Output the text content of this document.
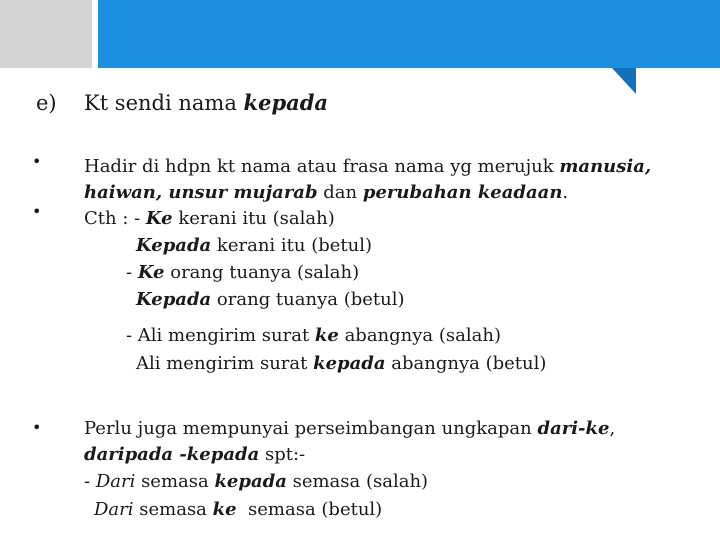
e) Kt sendi nama kepada
• Hadir di hdpn kt nama atau frasa nama yg merujuk manusia,
haiwan, unsur mujarab dan perubahan keadaan.
• Cth : - Ke kerani itu (salah)
Kepada kerani itu (betul)
- Ke orang tuanya (salah)
Kepada orang tuanya (betul)
- Ali mengirim surat ke abangnya (salah)
Ali mengirim surat kepada abangnya (betul)
• Perlu juga mempunyai perseimbangan ungkapan dari-ke,
daripada -kepada spt:-
- Dari semasa kepada semasa (salah)
Dari semasa ke  semasa (betul)
